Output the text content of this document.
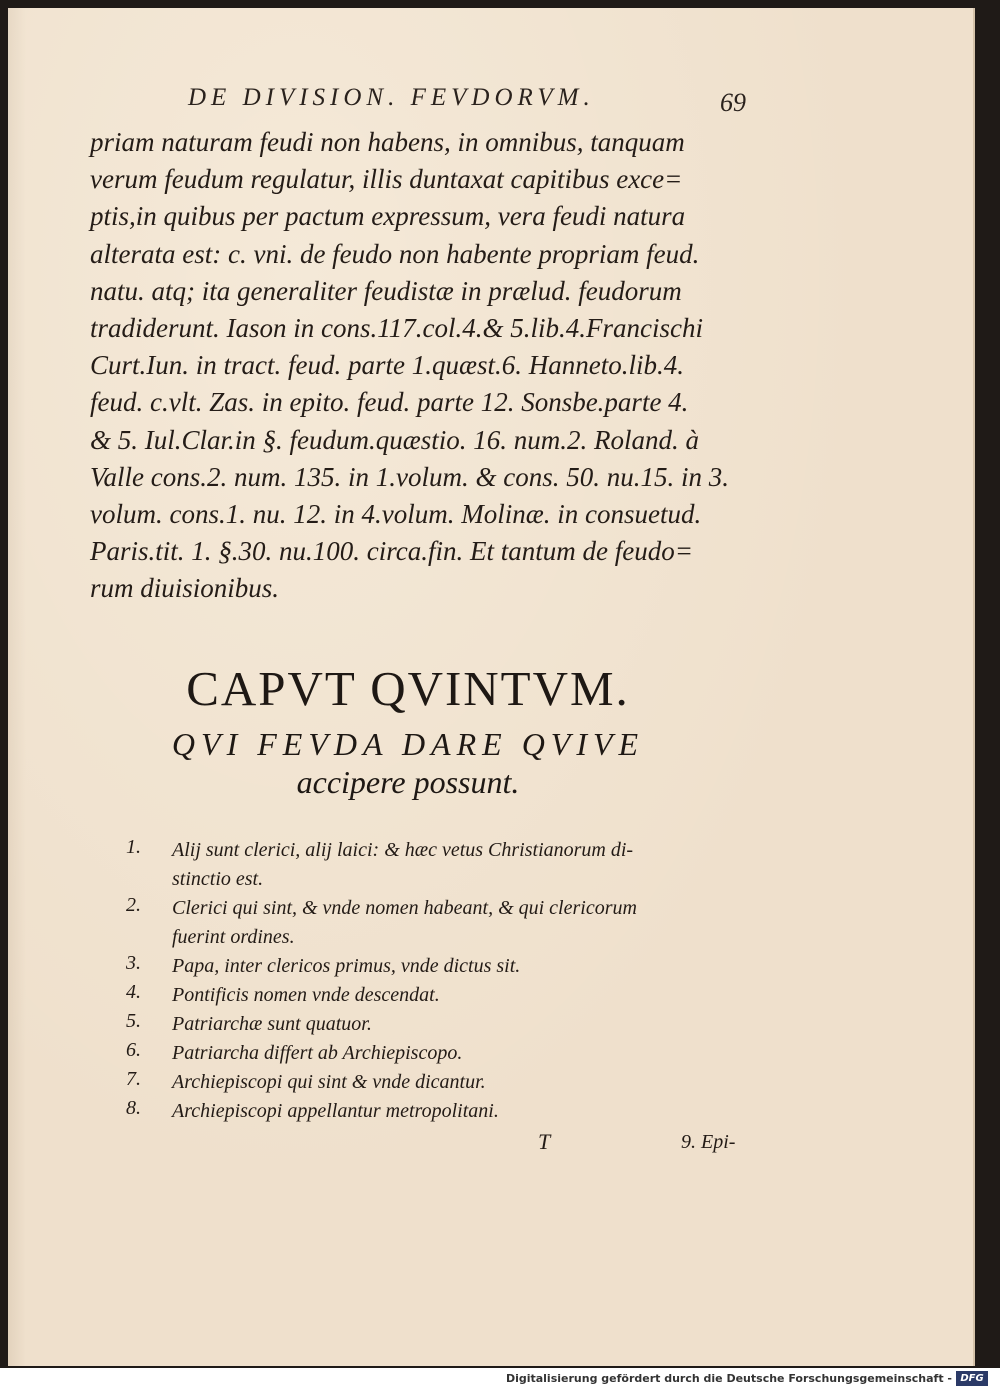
DE DIVISION. FEVDORVM.	69

priam naturam feudi non habens, in omnibus, tanquam
verum feudum regulatur, illis duntaxat capitibus exce=
ptis,in quibus per pactum expressum, vera feudi natura
alterata est: c. vni. de feudo non habente propriam feud.
natu. atq; ita generaliter feudistæ in prælud. feudorum
tradiderunt. Iason in cons.117.col.4.& 5.lib.4.Francischi
Curt.Iun. in tract. feud. parte 1.quæst.6. Hanneto.lib.4.
feud. c.vlt. Zas. in epito. feud. parte 12. Sonsbe.parte 4.
& 5. Iul.Clar.in §. feudum.quæstio. 16. num.2. Roland. à
Valle cons.2. num. 135. in 1.volum. & cons. 50. nu.15. in 3.
volum. cons.1. nu. 12. in 4.volum. Molinæ. in consuetud.
Paris.tit. 1. §.30. nu.100. circa.fin. Et tantum de feudo=
rum diuisionibus.

CAPVT QVINTVM.
QVI FEVDA DARE QVIVE
accipere possunt.
1.	Alij sunt clerici, alij laici: & hæc vetus Christianorum di-
stinctio est.
2.	Clerici qui sint, & vnde nomen habeant, & qui clericorum
fuerint ordines.
3.	Papa, inter clericos primus, vnde dictus sit.
4.	Pontificis nomen vnde descendat.
5.	Patriarchæ sunt quatuor.
6.	Patriarcha differt ab Archiepiscopo.
7.	Archiepiscopi qui sint & vnde dicantur.
8.	Archiepiscopi appellantur metropolitani.
T	9. Epi-
Digitalisierung gefördert durch die Deutsche Forschungsgemeinschaft - DFG
